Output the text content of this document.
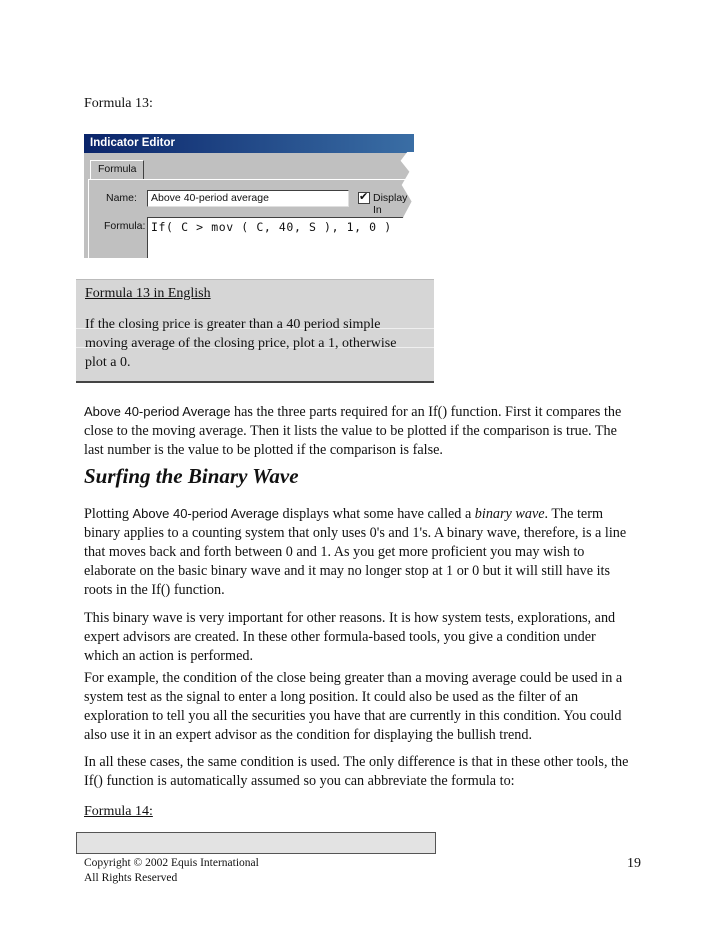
Formula 13:
Indicator Editor
Formula
Name: Above 40-period average	✔ Display In
Formula: If( C > mov ( C, 40, S ), 1, 0 )
Formula 13 in English
If the closing price is greater than a 40 period simple
moving average of the closing price, plot a 1, otherwise
plot a 0.

Above 40-period Average has the three parts required for an If() function. First it compares the

close to the moving average. Then it lists the value to be plotted if the comparison is true. The

last number is the value to be plotted if the comparison is false.

Surfing the Binary Wave

Plotting Above 40-period Average displays what some have called a binary wave. The term

binary applies to a counting system that only uses 0's and 1's. A binary wave, therefore, is a line

that moves back and forth between 0 and 1. As you get more proficient you may wish to

elaborate on the basic binary wave and it may no longer stop at 1 or 0 but it will still have its

roots in the If() function.

This binary wave is very important for other reasons. It is how system tests, explorations, and

expert advisors are created. In these other formula-based tools, you give a condition under

which an action is performed.

For example, the condition of the close being greater than a moving average could be used in a

system test as the signal to enter a long position. It could also be used as the filter of an

exploration to tell you all the securities you have that are currently in this condition. You could

also use it in an expert advisor as the condition for displaying the bullish trend.

In all these cases, the same condition is used. The only difference is that in these other tools, the

If() function is automatically assumed so you can abbreviate the formula to:

Formula 14:
Copyright © 2002 Equis International
All Rights Reserved
19
